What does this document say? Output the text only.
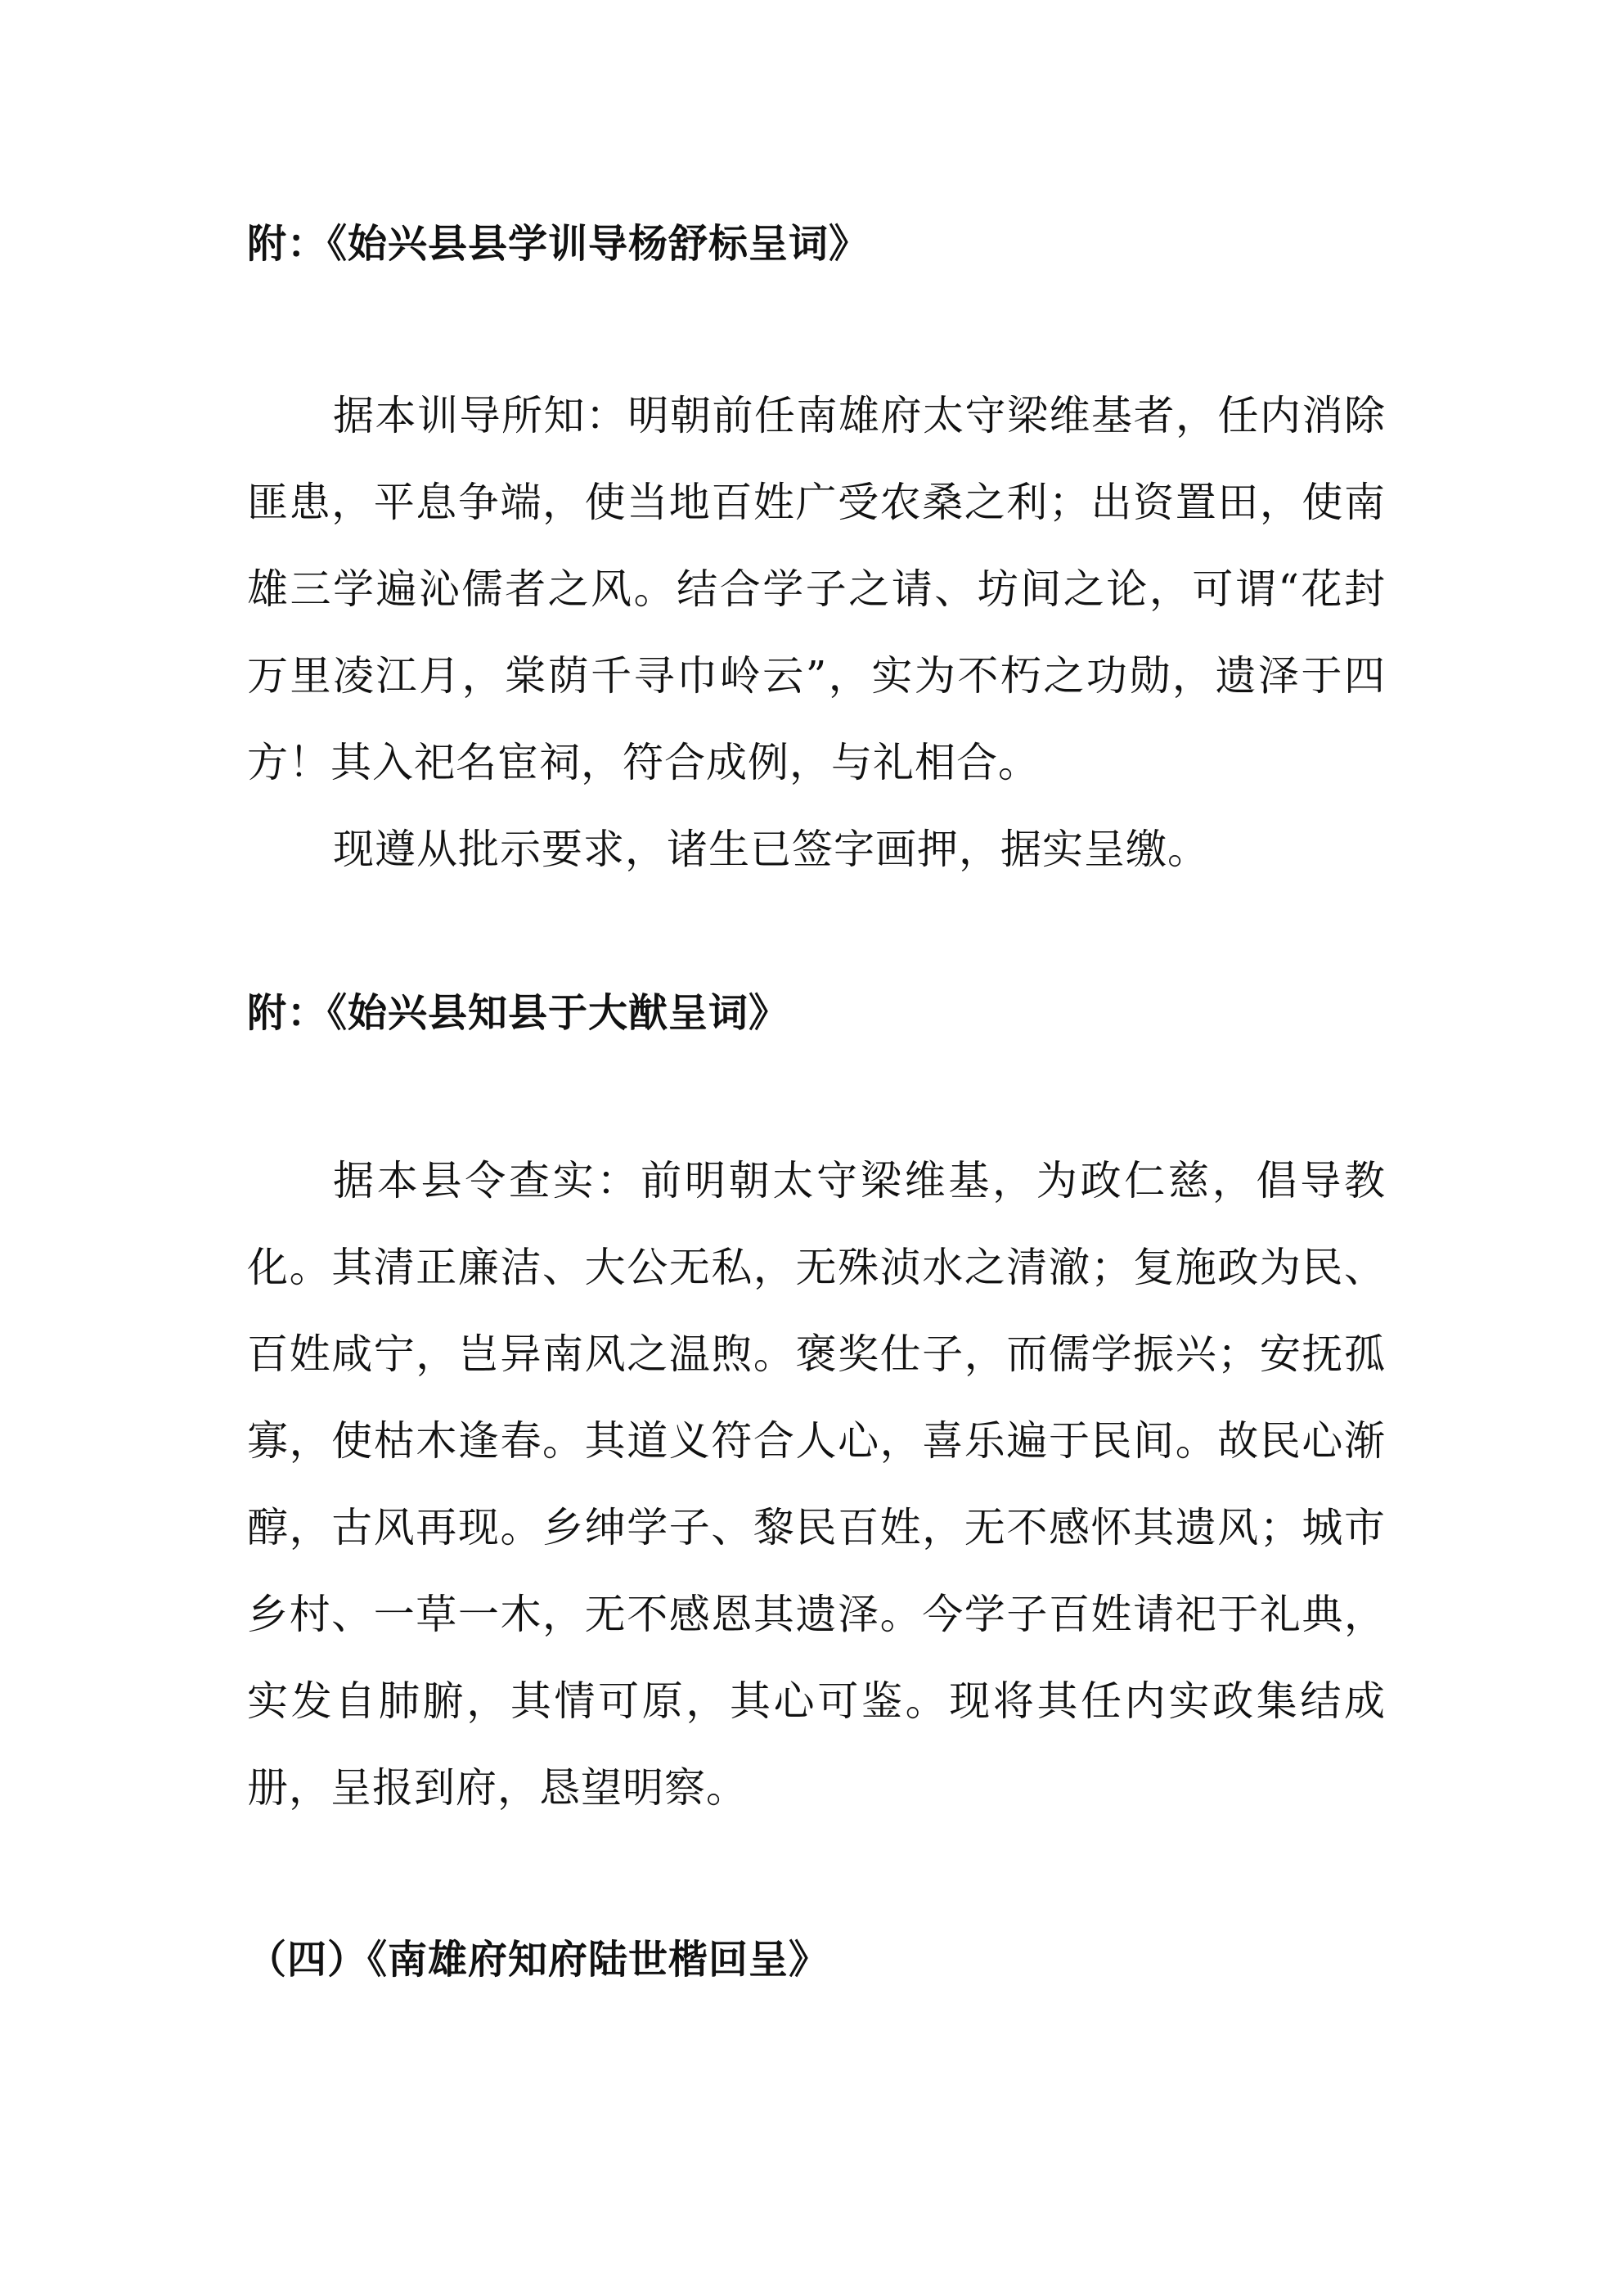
附：《始兴县县学训导杨舒标呈词》

据本训导所知：明朝前任南雄府太守梁维基者，任内消除匪患，平息争端，使当地百姓广受农桑之利；出资置田，使南雄三学遍沁儒者之风。结合学子之请、坊间之论，可谓“花封万里凌江月，棠荫千寻巾岭云”，实为不朽之功勋，遗泽于四方！其入祀名宦祠，符合成例，与礼相合。

现遵从批示要求，诸生已签字画押，据实呈缴。

附：《始兴县知县于大猷呈词》

据本县令查实：前明朝太守梁维基，为政仁慈，倡导教化。其清正廉洁、大公无私，无殊浈水之清澈；复施政为民、百姓咸宁，岂异南风之温煦。褒奖仕子，而儒学振兴；安抚孤寡，使枯木逢春。其道义符合人心，喜乐遍于民间。故民心渐醇，古风再现。乡绅学子、黎民百姓，无不感怀其遗风；城市乡村、一草一木，无不感恩其遗泽。今学子百姓请祀于礼典，实发自肺腑，其情可原，其心可鉴。现将其任内实政集结成册，呈报到府，恳望明察。

（四）《南雄府知府陆世楷回呈》
